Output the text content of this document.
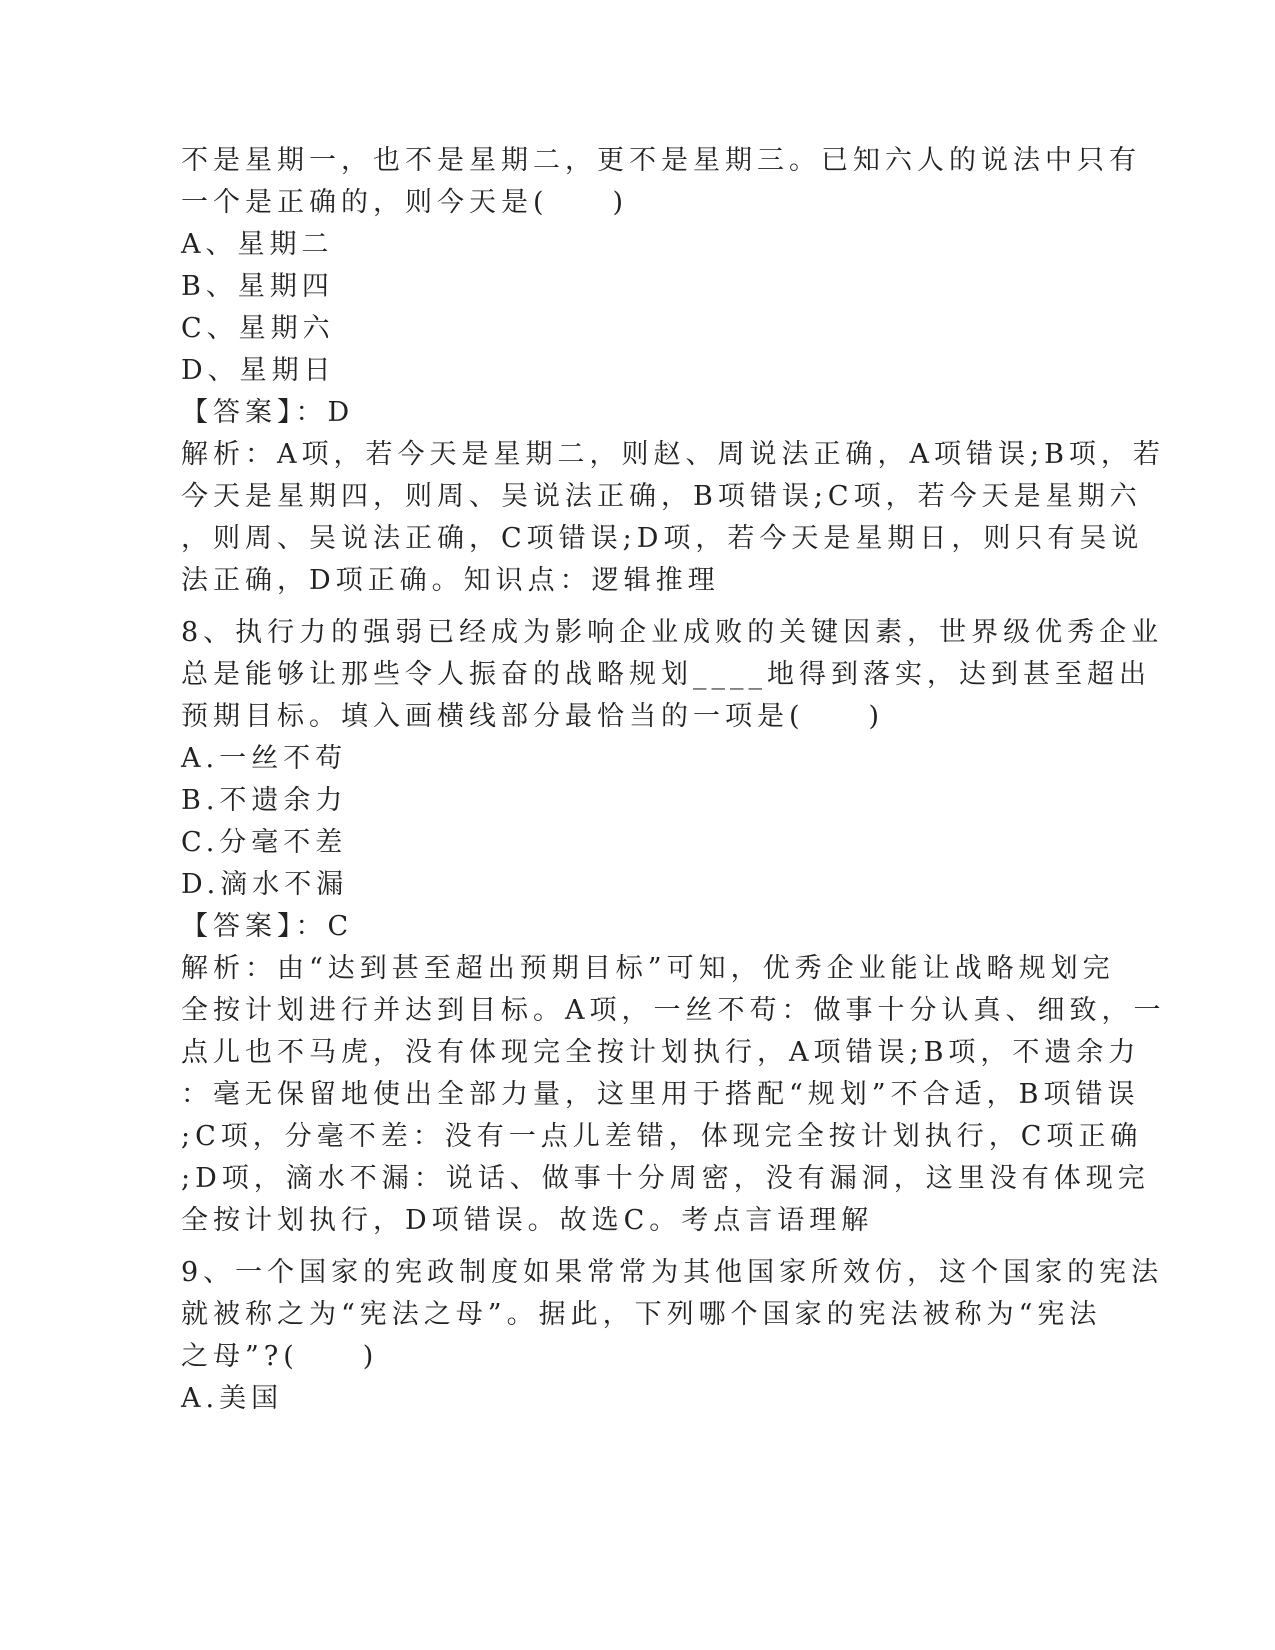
不是星期一，也不是星期二，更不是星期三。已知六人的说法中只有

一个是正确的，则今天是(　　)

A、星期二

B、星期四

C、星期六

D、星期日

【答案】：D

解析：A项，若今天是星期二，则赵、周说法正确，A项错误;B项，若

今天是星期四，则周、吴说法正确，B项错误;C项，若今天是星期六

，则周、吴说法正确，C项错误;D项，若今天是星期日，则只有吴说

法正确，D项正确。知识点：逻辑推理

8、执行力的强弱已经成为影响企业成败的关键因素，世界级优秀企业

总是能够让那些令人振奋的战略规划____地得到落实，达到甚至超出

预期目标。填入画横线部分最恰当的一项是(　　)

A.一丝不苟

B.不遗余力

C.分毫不差

D.滴水不漏

【答案】：C

解析：由“达到甚至超出预期目标”可知，优秀企业能让战略规划完

全按计划进行并达到目标。A项，一丝不苟：做事十分认真、细致，一

点儿也不马虎，没有体现完全按计划执行，A项错误;B项，不遗余力

：毫无保留地使出全部力量，这里用于搭配“规划”不合适，B项错误

;C项，分毫不差：没有一点儿差错，体现完全按计划执行，C项正确

;D项，滴水不漏：说话、做事十分周密，没有漏洞，这里没有体现完

全按计划执行，D项错误。故选C。考点言语理解

9、一个国家的宪政制度如果常常为其他国家所效仿，这个国家的宪法

就被称之为“宪法之母”。据此，下列哪个国家的宪法被称为“宪法

之母”?(　　)

A.美国
